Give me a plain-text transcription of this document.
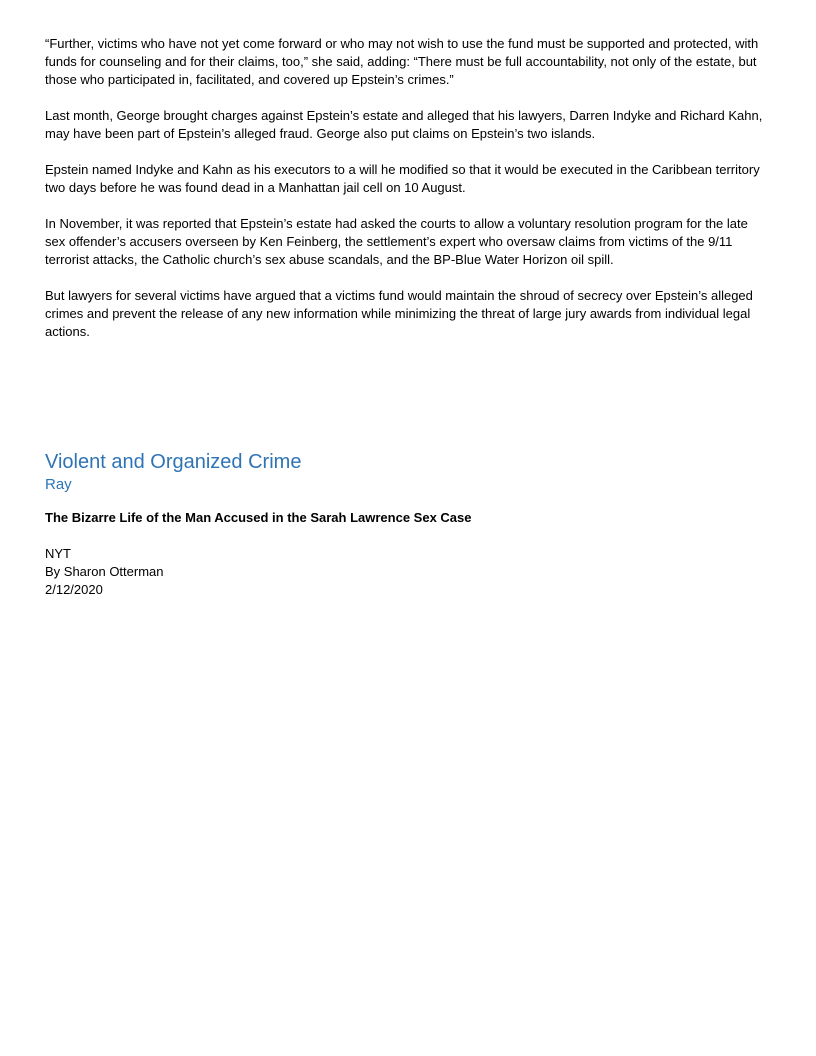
“Further, victims who have not yet come forward or who may not wish to use the fund must be supported and protected, with funds for counseling and for their claims, too,” she said, adding: “There must be full accountability, not only of the estate, but those who participated in, facilitated, and covered up Epstein’s crimes.”

Last month, George brought charges against Epstein’s estate and alleged that his lawyers, Darren Indyke and Richard Kahn, may have been part of Epstein’s alleged fraud. George also put claims on Epstein’s two islands.

Epstein named Indyke and Kahn as his executors to a will he modified so that it would be executed in the Caribbean territory two days before he was found dead in a Manhattan jail cell on 10 August.

In November, it was reported that Epstein’s estate had asked the courts to allow a voluntary resolution program for the late sex offender’s accusers overseen by Ken Feinberg, the settlement’s expert who oversaw claims from victims of the 9/11 terrorist attacks, the Catholic church’s sex abuse scandals, and the BP-Blue Water Horizon oil spill.

But lawyers for several victims have argued that a victims fund would maintain the shroud of secrecy over Epstein’s alleged crimes and prevent the release of any new information while minimizing the threat of large jury awards from individual legal actions.

Violent and Organized Crime
Ray
The Bizarre Life of the Man Accused in the Sarah Lawrence Sex Case
NYT
By Sharon Otterman
2/12/2020
